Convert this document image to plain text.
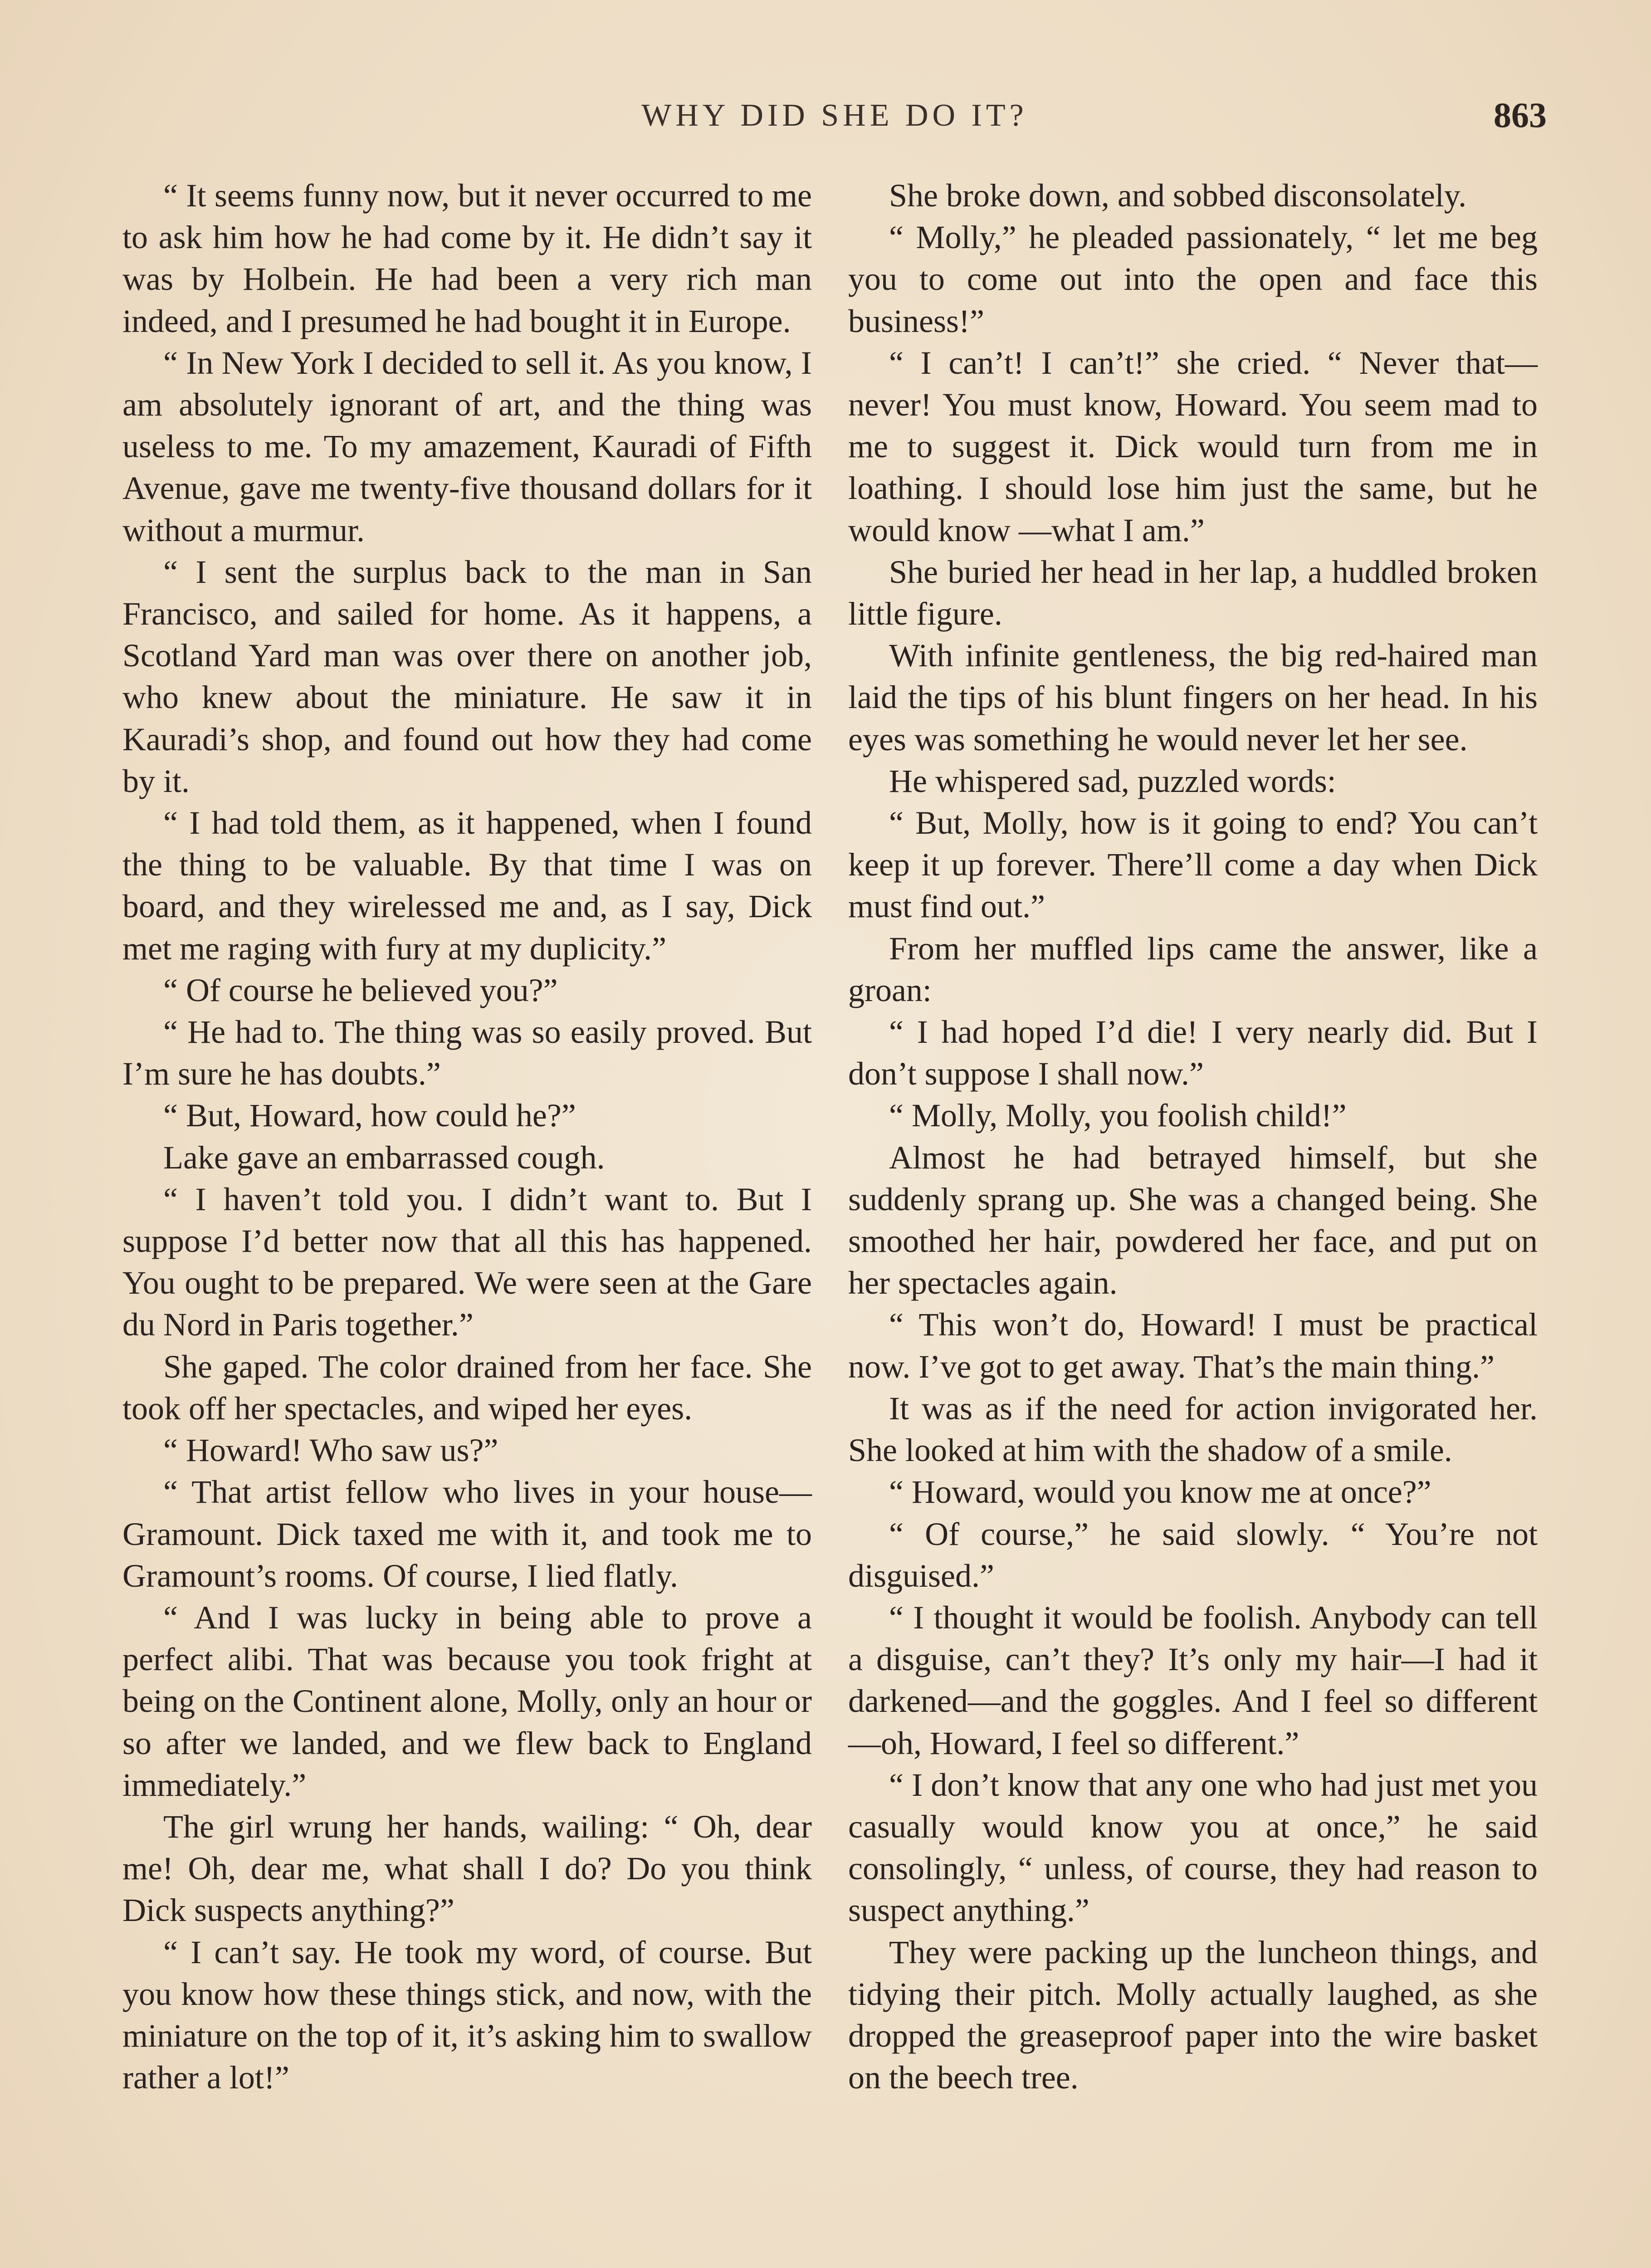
WHY DID SHE DO IT?	863

“ It seems funny now, but it never occurred to me to ask him how he had come by it. He didn’t say it was by Holbein. He had been a very rich man indeed, and I presumed he had bought it in Europe.

“ In New York I decided to sell it. As you know, I am absolutely ignorant of art, and the thing was useless to me. To my amazement, Kauradi of Fifth Avenue, gave me twenty-five thousand dollars for it without a murmur.

“ I sent the surplus back to the man in San Francisco, and sailed for home. As it happens, a Scotland Yard man was over there on another job, who knew about the miniature. He saw it in Kauradi’s shop, and found out how they had come by it.

“ I had told them, as it happened, when I found the thing to be valuable. By that time I was on board, and they wirelessed me and, as I say, Dick met me raging with fury at my duplicity.”

“ Of course he believed you?”

“ He had to. The thing was so easily proved. But I’m sure he has doubts.”

“ But, Howard, how could he?”

Lake gave an embarrassed cough.

“ I haven’t told you. I didn’t want to. But I suppose I’d better now that all this has happened. You ought to be prepared. We were seen at the Gare du Nord in Paris together.”

She gaped. The color drained from her face. She took off her spectacles, and wiped her eyes.

“ Howard! Who saw us?”

“ That artist fellow who lives in your house—Gramount. Dick taxed me with it, and took me to Gramount’s rooms. Of course, I lied flatly.

“ And I was lucky in being able to prove a perfect alibi. That was because you took fright at being on the Continent alone, Molly, only an hour or so after we landed, and we flew back to England immediately.”

The girl wrung her hands, wailing: “ Oh, dear me! Oh, dear me, what shall I do? Do you think Dick suspects anything?”

“ I can’t say. He took my word, of course. But you know how these things stick, and now, with the miniature on the top of it, it’s asking him to swallow rather a lot!”

She broke down, and sobbed disconsolately.

“ Molly,” he pleaded passionately, “ let me beg you to come out into the open and face this business!”

“ I can’t! I can’t!” she cried. “ Never that—never! You must know, Howard. You seem mad to me to suggest it. Dick would turn from me in loathing. I should lose him just the same, but he would know —what I am.”

She buried her head in her lap, a huddled broken little figure.

With infinite gentleness, the big red-haired man laid the tips of his blunt fingers on her head. In his eyes was something he would never let her see.

He whispered sad, puzzled words:

“ But, Molly, how is it going to end? You can’t keep it up forever. There’ll come a day when Dick must find out.”

From her muffled lips came the answer, like a groan:

“ I had hoped I’d die! I very nearly did. But I don’t suppose I shall now.”

“ Molly, Molly, you foolish child!”

Almost he had betrayed himself, but she suddenly sprang up. She was a changed being. She smoothed her hair, powdered her face, and put on her spectacles again.

“ This won’t do, Howard! I must be practical now. I’ve got to get away. That’s the main thing.”

It was as if the need for action invigorated her. She looked at him with the shadow of a smile.

“ Howard, would you know me at once?”

“ Of course,” he said slowly. “ You’re not disguised.”

“ I thought it would be foolish. Anybody can tell a disguise, can’t they? It’s only my hair—I had it darkened—and the goggles. And I feel so different—oh, Howard, I feel so different.”

“ I don’t know that any one who had just met you casually would know you at once,” he said consolingly, “ unless, of course, they had reason to suspect anything.”

They were packing up the luncheon things, and tidying their pitch. Molly actually laughed, as she dropped the greaseproof paper into the wire basket on the beech tree.
